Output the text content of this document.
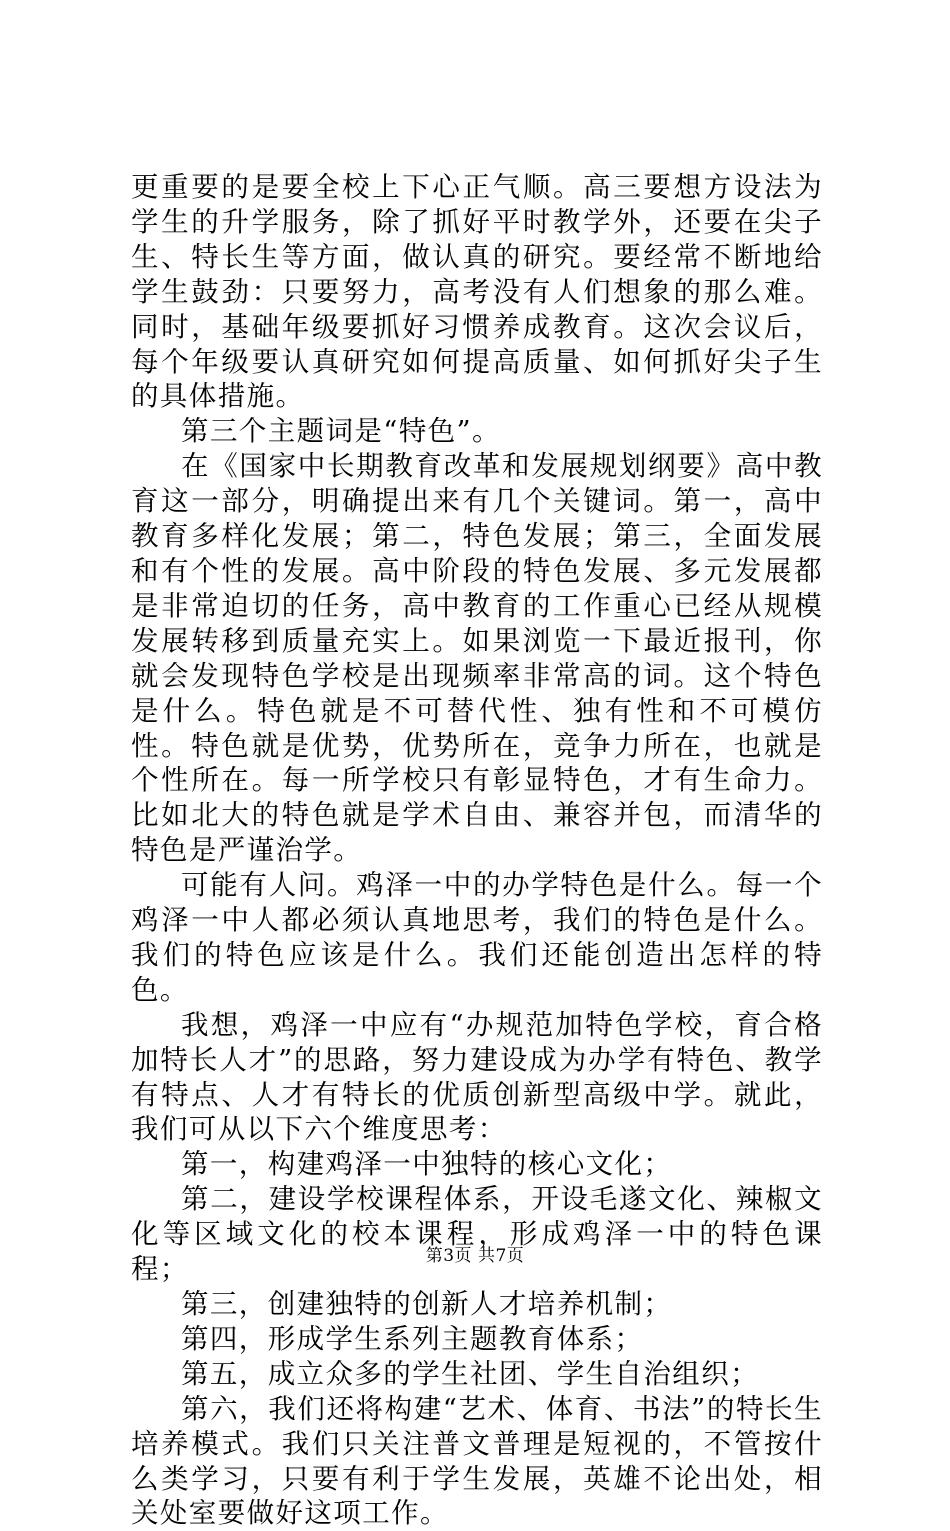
更重要的是要全校上下心正气顺。高三要想方设法为学生的升学服务，除了抓好平时教学外，还要在尖子生、特长生等方面，做认真的研究。要经常不断地给学生鼓劲：只要努力，高考没有人们想象的那么难。同时，基础年级要抓好习惯养成教育。这次会议后，每个年级要认真研究如何提高质量、如何抓好尖子生的具体措施。

第三个主题词是“特色”。

在《国家中长期教育改革和发展规划纲要》高中教育这一部分，明确提出来有几个关键词。第一，高中教育多样化发展；第二，特色发展；第三，全面发展和有个性的发展。高中阶段的特色发展、多元发展都是非常迫切的任务，高中教育的工作重心已经从规模发展转移到质量充实上。如果浏览一下最近报刊，你就会发现特色学校是出现频率非常高的词。这个特色是什么。特色就是不可替代性、独有性和不可模仿性。特色就是优势，优势所在，竞争力所在，也就是个性所在。每一所学校只有彰显特色，才有生命力。比如北大的特色就是学术自由、兼容并包，而清华的特色是严谨治学。

可能有人问。鸡泽一中的办学特色是什么。每一个鸡泽一中人都必须认真地思考，我们的特色是什么。我们的特色应该是什么。我们还能创造出怎样的特色。

我想，鸡泽一中应有“办规范加特色学校，育合格加特长人才”的思路，努力建设成为办学有特色、教学有特点、人才有特长的优质创新型高级中学。就此，我们可从以下六个维度思考：

第一，构建鸡泽一中独特的核心文化；

第二，建设学校课程体系，开设毛遂文化、辣椒文化等区域文化的校本课程，形成鸡泽一中的特色课程；

第三，创建独特的创新人才培养机制；

第四，形成学生系列主题教育体系；

第五，成立众多的学生社团、学生自治组织；

第六，我们还将构建“艺术、体育、书法”的特长生培养模式。我们只关注普文普理是短视的，不管按什么类学习，只要有利于学生发展，英雄不论出处，相关处室要做好这项工作。

第3页 共7页
